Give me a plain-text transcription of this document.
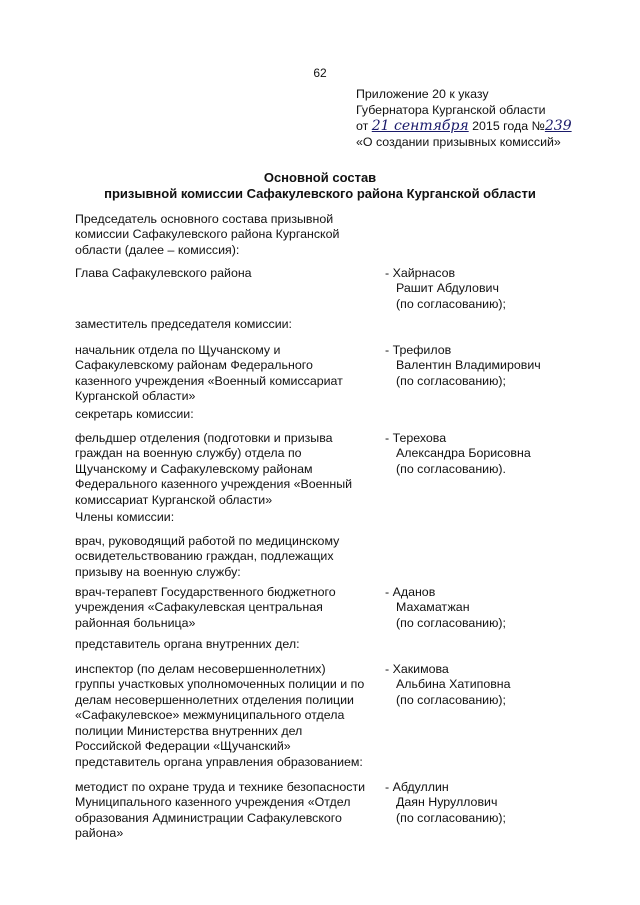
62
Приложение 20 к указу
Губернатора Курганской области
от 21 сентября 2015 года №239
«О создании призывных комиссий»
Основной состав
призывной комиссии Сафакулевского района Курганской области
Председатель основного состава призывной
комиссии Сафакулевского района Курганской
области (далее – комиссия):
Глава Сафакулевского района	- Хайрнасов
Рашит Абдулович
(по согласованию);
заместитель председателя комиссии:
начальник отдела по Щучанскому и
Сафакулевскому районам Федерального
казенного учреждения «Военный комиссариат
Курганской области»
- Трефилов
Валентин Владимирович
(по согласованию);
секретарь комиссии:
фельдшер отделения (подготовки и призыва
граждан на военную службу) отдела по
Щучанскому и Сафакулевскому районам
Федерального казенного учреждения «Военный
комиссариат Курганской области»
- Терехова
Александра Борисовна
(по согласованию).
Члены комиссии:
врач, руководящий работой по медицинскому
освидетельствованию граждан, подлежащих
призыву на военную службу:
врач-терапевт Государственного бюджетного
учреждения «Сафакулевская центральная
районная больница»
- Аданов
Махаматжан
(по согласованию);
представитель органа внутренних дел:
инспектор (по делам несовершеннолетних)
группы участковых уполномоченных полиции и по
делам несовершеннолетних отделения полиции
«Сафакулевское» межмуниципального отдела
полиции Министерства внутренних дел
Российской Федерации «Щучанский»
- Хакимова
Альбина Хатиповна
(по согласованию);
представитель органа управления образованием:
методист по охране труда и технике безопасности
Муниципального казенного учреждения «Отдел
образования Администрации Сафакулевского
района»
- Абдуллин
Даян Нуруллович
(по согласованию);
